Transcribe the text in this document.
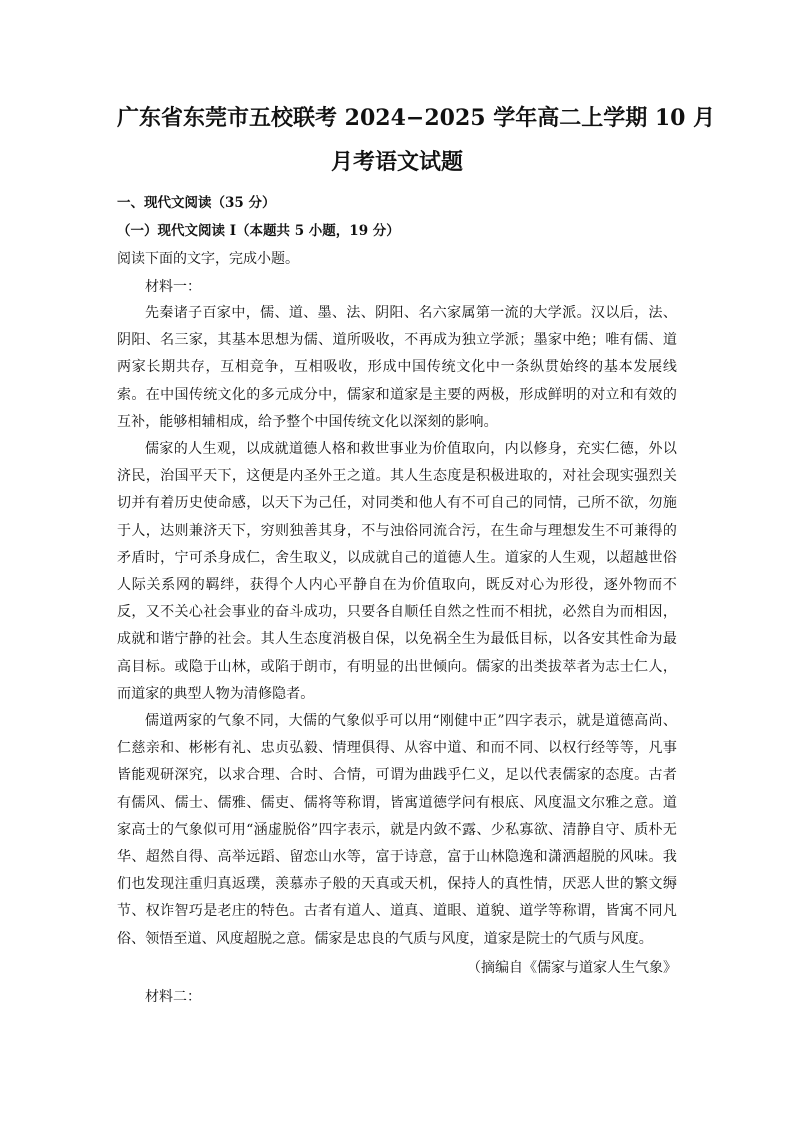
广东省东莞市五校联考 2024−2025 学年高二上学期 10 月
月考语文试题

一、现代文阅读（35 分）

（一）现代文阅读 I（本题共 5 小题，19 分）

阅读下面的文字，完成小题。

材料一：

先秦诸子百家中，儒、道、墨、法、阴阳、名六家属第一流的大学派。汉以后，法、阴阳、名三家，其基本思想为儒、道所吸收，不再成为独立学派；墨家中绝；唯有儒、道两家长期共存，互相竞争，互相吸收，形成中国传统文化中一条纵贯始终的基本发展线索。在中国传统文化的多元成分中，儒家和道家是主要的两极，形成鲜明的对立和有效的互补，能够相辅相成，给予整个中国传统文化以深刻的影响。

儒家的人生观，以成就道德人格和救世事业为价值取向，内以修身，充实仁德，外以济民，治国平天下，这便是内圣外王之道。其人生态度是积极进取的，对社会现实强烈关切并有着历史使命感，以天下为己任，对同类和他人有不可自己的同情，己所不欲，勿施于人，达则兼济天下，穷则独善其身，不与浊俗同流合污，在生命与理想发生不可兼得的矛盾时，宁可杀身成仁，舍生取义，以成就自己的道德人生。道家的人生观，以超越世俗人际关系网的羁绊，获得个人内心平静自在为价值取向，既反对心为形役，逐外物而不反，又不关心社会事业的奋斗成功，只要各自顺任自然之性而不相扰，必然自为而相因，成就和谐宁静的社会。其人生态度消极自保，以免祸全生为最低目标，以各安其性命为最高目标。或隐于山林，或陷于朗市，有明显的出世倾向。儒家的出类拔萃者为志士仁人，而道家的典型人物为清修隐者。

儒道两家的气象不同，大儒的气象似乎可以用“刚健中正”四字表示，就是道德高尚、仁慈亲和、彬彬有礼、忠贞弘毅、情理俱得、从容中道、和而不同、以权行经等等，凡事皆能观研深究，以求合理、合时、合情，可谓为曲践乎仁义，足以代表儒家的态度。古者有儒风、儒士、儒雅、儒吏、儒将等称谓，皆寓道德学问有根底、风度温文尔雅之意。道家高士的气象似可用“涵虚脱俗”四字表示，就是内敛不露、少私寡欲、清静自守、质朴无华、超然自得、高举远蹈、留恋山水等，富于诗意，富于山林隐逸和潇洒超脱的风味。我们也发现注重归真返璞，羡慕赤子般的天真或天机，保持人的真性情，厌恶人世的繁文缛节、权诈智巧是老庄的特色。古者有道人、道真、道眼、道貌、道学等称谓，皆寓不同凡俗、领悟至道、风度超脱之意。儒家是忠良的气质与风度，道家是院士的气质与风度。

（摘编自《儒家与道家人生气象》

材料二：
